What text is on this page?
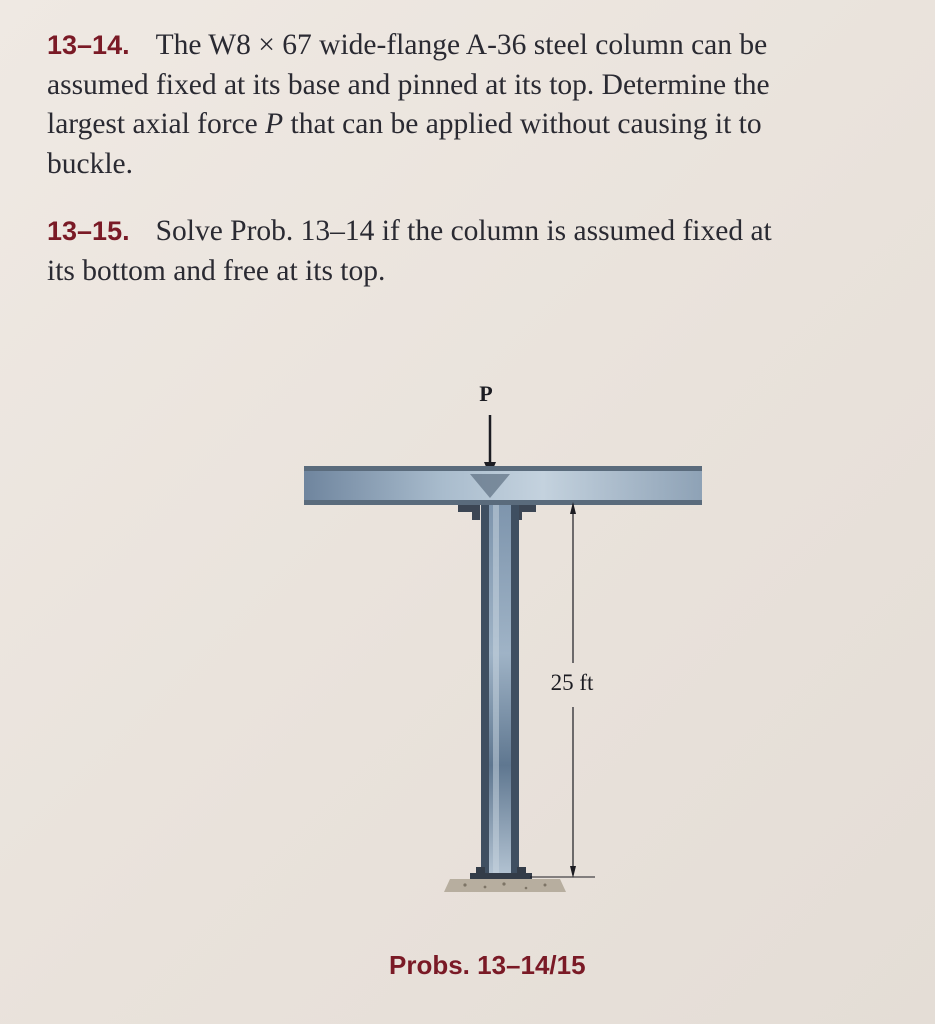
13–14. The W8 × 67 wide-flange A-36 steel column can be
assumed fixed at its base and pinned at its top. Determine the
largest axial force P that can be applied without causing it to
buckle.
13–15. Solve Prob. 13–14 if the column is assumed fixed at
its bottom and free at its top.
P
25 ft
Probs. 13–14/15
